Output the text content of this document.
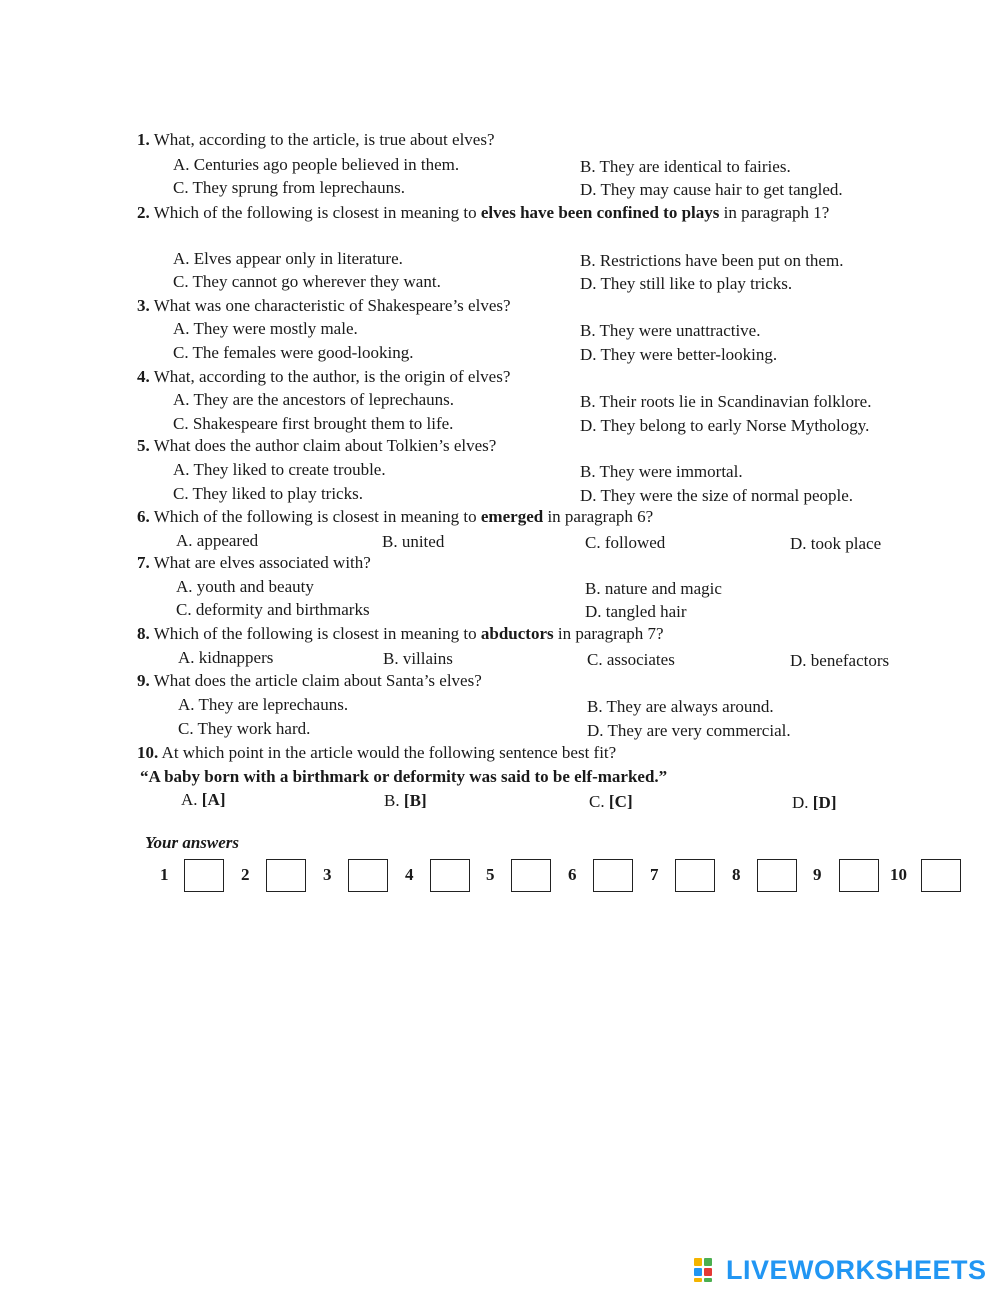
1. What, according to the article, is true about elves?
A. Centuries ago people believed in them.	B. They are identical to fairies.
C. They sprung from leprechauns.	D. They may cause hair to get tangled.
2. Which of the following is closest in meaning to elves have been confined to plays in paragraph 1?
A. Elves appear only in literature.	B. Restrictions have been put on them.
C. They cannot go wherever they want.	D. They still like to play tricks.
3. What was one characteristic of Shakespeare’s elves?
A. They were mostly male.	B. They were unattractive.
C. The females were good-looking.	D. They were better-looking.
4. What, according to the author, is the origin of elves?
A. They are the ancestors of leprechauns.	B. Their roots lie in Scandinavian folklore.
C. Shakespeare first brought them to life.	D. They belong to early Norse Mythology.
5. What does the author claim about Tolkien’s elves?
A. They liked to create trouble.	B. They were immortal.
C. They liked to play tricks.	D. They were the size of normal people.
6. Which of the following is closest in meaning to emerged in paragraph 6?
A. appeared	B. united	C. followed	D. took place
7. What are elves associated with?
A. youth and beauty	B. nature and magic
C. deformity and birthmarks	D. tangled hair
8. Which of the following is closest in meaning to abductors in paragraph 7?
A. kidnappers	B. villains	C. associates	D. benefactors
9. What does the article claim about Santa’s elves?
A. They are leprechauns.	B. They are always around.
C. They work hard.	D. They are very commercial.
10. At which point in the article would the following sentence best fit?
“A baby born with a birthmark or deformity was said to be elf-marked.”
A. [A]	B. [B]	C. [C]	D. [D]
Your answers
1	2	3	4	5	6	7	8	9	10
LIVEWORKSHEETS
